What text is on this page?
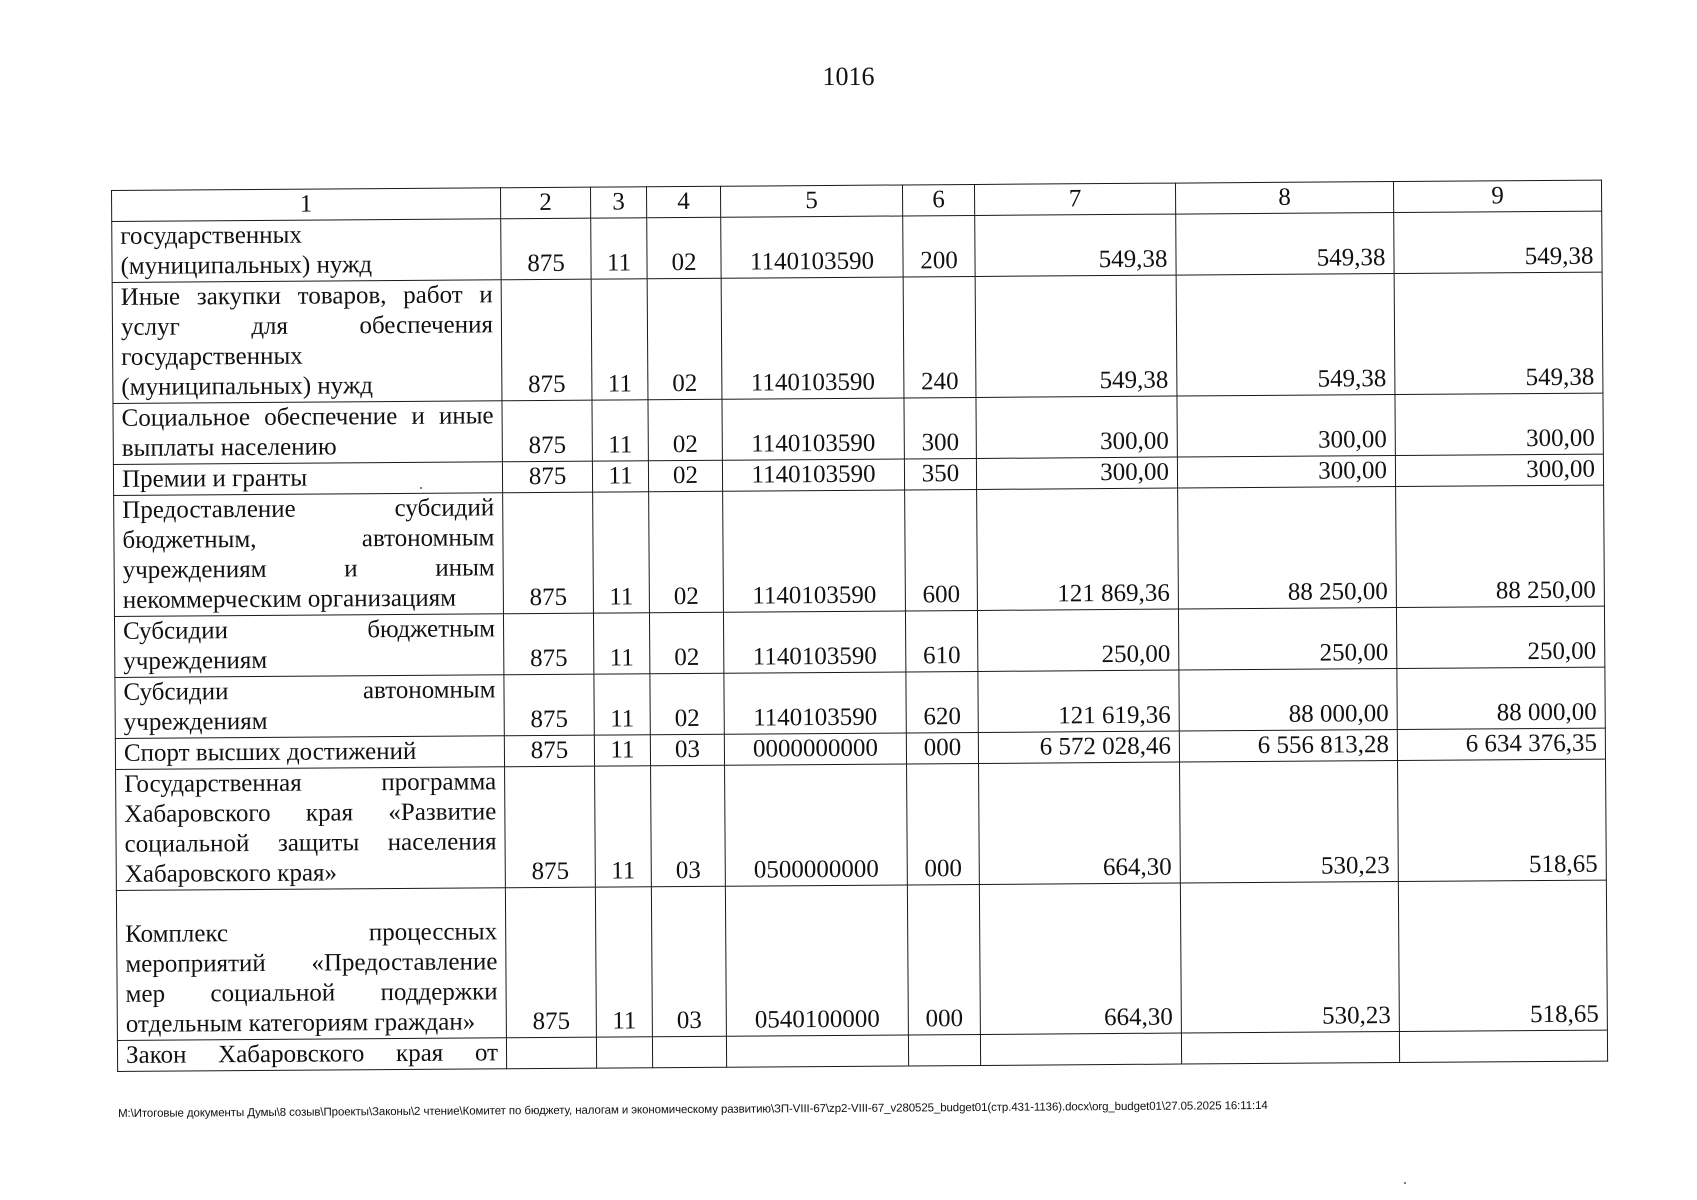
1016
1	2	3	4	5	6	7	8	9
государственных (муниципальных) нужд	875	11	02	1140103590	200	549,38	549,38	549,38
Иные закупки товаров, работ и услуг для обеспечения государственных (муниципальных) нужд	875	11	02	1140103590	240	549,38	549,38	549,38
Социальное обеспечение и иные выплаты населению	875	11	02	1140103590	300	300,00	300,00	300,00
Премии и гранты	875	11	02	1140103590	350	300,00	300,00	300,00
Предоставление субсидий бюджетным, автономным учреждениям и иным некоммерческим организациям	875	11	02	1140103590	600	121 869,36	88 250,00	88 250,00
Субсидии бюджетным учреждениям	875	11	02	1140103590	610	250,00	250,00	250,00
Субсидии автономным учреждениям	875	11	02	1140103590	620	121 619,36	88 000,00	88 000,00
Спорт высших достижений	875	11	03	0000000000	000	6 572 028,46	6 556 813,28	6 634 376,35
Государственная программа Хабаровского края «Развитие социальной защиты населения Хабаровского края»	875	11	03	0500000000	000	664,30	530,23	518,65
Комплекс процессных мероприятий «Предоставление мер социальной поддержки отдельным категориям граждан»	875	11	03	0540100000	000	664,30	530,23	518,65
Закон Хабаровского края от								
М:\Итоговые документы Думы\8 созыв\Проекты\Законы\2 чтение\Комитет по бюджету, налогам и экономическому развитию\ЗП-VIII-67\zp2-VIII-67_v280525_budget01(стр.431-1136).docx\org_budget01\27.05.2025 16:11:14
